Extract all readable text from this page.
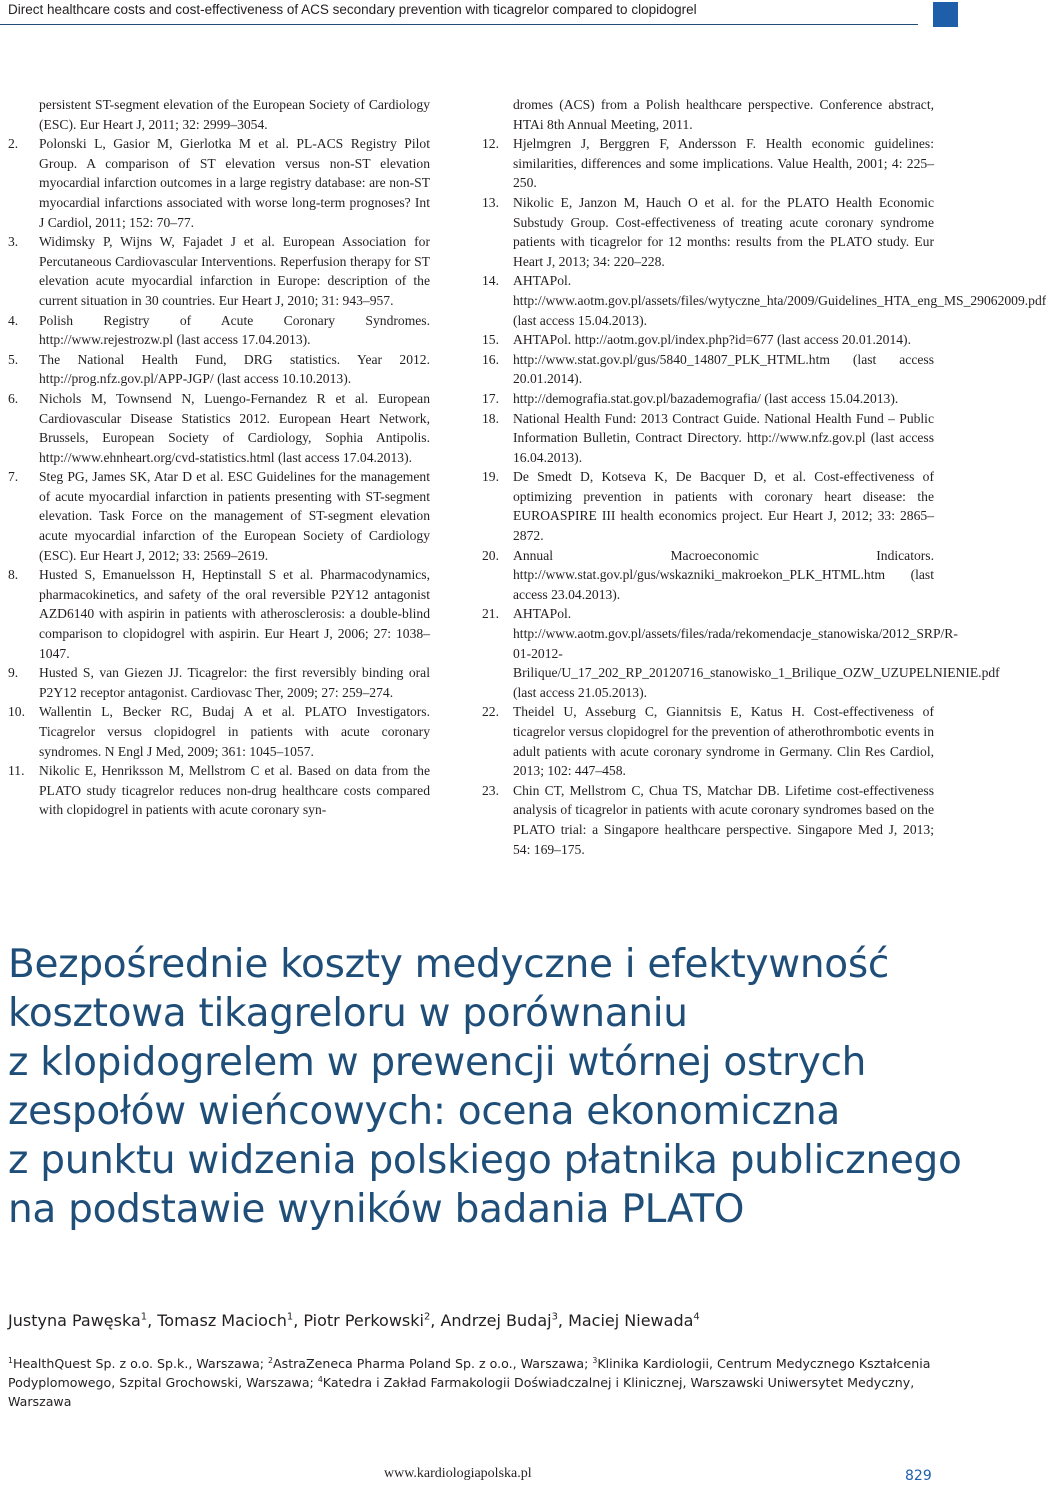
Direct healthcare costs and cost-effectiveness of ACS secondary prevention with ticagrelor compared to clopidogrel
persistent ST-segment elevation of the European Society of Cardiology (ESC). Eur Heart J, 2011; 32: 2999–3054.
2. Polonski L, Gasior M, Gierlotka M et al. PL-ACS Registry Pilot Group. A comparison of ST elevation versus non-ST elevation myocardial infarction outcomes in a large registry database: are non-ST myocardial infarctions associated with worse long-term prognoses? Int J Cardiol, 2011; 152: 70–77.
3. Widimsky P, Wijns W, Fajadet J et al. European Association for Percutaneous Cardiovascular Interventions. Reperfusion therapy for ST elevation acute myocardial infarction in Europe: description of the current situation in 30 countries. Eur Heart J, 2010; 31: 943–957.
4. Polish Registry of Acute Coronary Syndromes. http://www.rejestrozw.pl (last access 17.04.2013).
5. The National Health Fund, DRG statistics. Year 2012. http://prog.nfz.gov.pl/APP-JGP/ (last access 10.10.2013).
6. Nichols M, Townsend N, Luengo-Fernandez R et al. European Cardiovascular Disease Statistics 2012. European Heart Network, Brussels, European Society of Cardiology, Sophia Antipolis. http://www.ehnheart.org/cvd-statistics.html (last access 17.04.2013).
7. Steg PG, James SK, Atar D et al. ESC Guidelines for the management of acute myocardial infarction in patients presenting with ST-segment elevation. Task Force on the management of ST-segment elevation acute myocardial infarction of the European Society of Cardiology (ESC). Eur Heart J, 2012; 33: 2569–2619.
8. Husted S, Emanuelsson H, Heptinstall S et al. Pharmacodynamics, pharmacokinetics, and safety of the oral reversible P2Y12 antagonist AZD6140 with aspirin in patients with atherosclerosis: a double-blind comparison to clopidogrel with aspirin. Eur Heart J, 2006; 27: 1038–1047.
9. Husted S, van Giezen JJ. Ticagrelor: the first reversibly binding oral P2Y12 receptor antagonist. Cardiovasc Ther, 2009; 27: 259–274.
10. Wallentin L, Becker RC, Budaj A et al. PLATO Investigators. Ticagrelor versus clopidogrel in patients with acute coronary syndromes. N Engl J Med, 2009; 361: 1045–1057.
11. Nikolic E, Henriksson M, Mellstrom C et al. Based on data from the PLATO study ticagrelor reduces non-drug healthcare costs compared with clopidogrel in patients with acute coronary syn-
dromes (ACS) from a Polish healthcare perspective. Conference abstract, HTAi 8th Annual Meeting, 2011.
12. Hjelmgren J, Berggren F, Andersson F. Health economic guidelines: similarities, differences and some implications. Value Health, 2001; 4: 225–250.
13. Nikolic E, Janzon M, Hauch O et al. for the PLATO Health Economic Substudy Group. Cost-effectiveness of treating acute coronary syndrome patients with ticagrelor for 12 months: results from the PLATO study. Eur Heart J, 2013; 34: 220–228.
14. AHTAPol. http://www.aotm.gov.pl/assets/files/wytyczne_hta/2009/Guidelines_HTA_eng_MS_29062009.pdf (last access 15.04.2013).
15. AHTAPol. http://aotm.gov.pl/index.php?id=677 (last access 20.01.2014).
16. http://www.stat.gov.pl/gus/5840_14807_PLK_HTML.htm (last access 20.01.2014).
17. http://demografia.stat.gov.pl/bazademografia/ (last access 15.04.2013).
18. National Health Fund: 2013 Contract Guide. National Health Fund – Public Information Bulletin, Contract Directory. http://www.nfz.gov.pl (last access 16.04.2013).
19. De Smedt D, Kotseva K, De Bacquer D, et al. Cost-effectiveness of optimizing prevention in patients with coronary heart disease: the EUROASPIRE III health economics project. Eur Heart J, 2012; 33: 2865–2872.
20. Annual Macroeconomic Indicators. http://www.stat.gov.pl/gus/wskazniki_makroekon_PLK_HTML.htm (last access 23.04.2013).
21. AHTAPol. http://www.aotm.gov.pl/assets/files/rada/rekomendacje_stanowiska/2012_SRP/R-01-2012-Brilique/U_17_202_RP_20120716_stanowisko_1_Brilique_OZW_UZUPELNIENIE.pdf (last access 21.05.2013).
22. Theidel U, Asseburg C, Giannitsis E, Katus H. Cost-effectiveness of ticagrelor versus clopidogrel for the prevention of atherothrombotic events in adult patients with acute coronary syndrome in Germany. Clin Res Cardiol, 2013; 102: 447–458.
23. Chin CT, Mellstrom C, Chua TS, Matchar DB. Lifetime cost-effectiveness analysis of ticagrelor in patients with acute coronary syndromes based on the PLATO trial: a Singapore healthcare perspective. Singapore Med J, 2013; 54: 169–175.
Bezpośrednie koszty medyczne i efektywność
kosztowa tikagreloru w porównaniu
z klopidogrelem w prewencji wtórnej ostrych
zespołów wieńcowych: ocena ekonomiczna
z punktu widzenia polskiego płatnika publicznego
na podstawie wyników badania PLATO
Justyna Pawęska$^1$, Tomasz Macioch$^1$, Piotr Perkowski$^2$, Andrzej Budaj$^3$, Maciej Niewada$^4$
$^1$HealthQuest Sp. z o.o. Sp.k., Warszawa; $^2$AstraZeneca Pharma Poland Sp. z o.o., Warszawa; $^3$Klinika Kardiologii, Centrum Medycznego Kształcenia Podyplomowego, Szpital Grochowski, Warszawa; $^4$Katedra i Zakład Farmakologii Doświadczalnej i Klinicznej, Warszawski Uniwersytet Medyczny, Warszawa
www.kardiologiapolska.pl	829
